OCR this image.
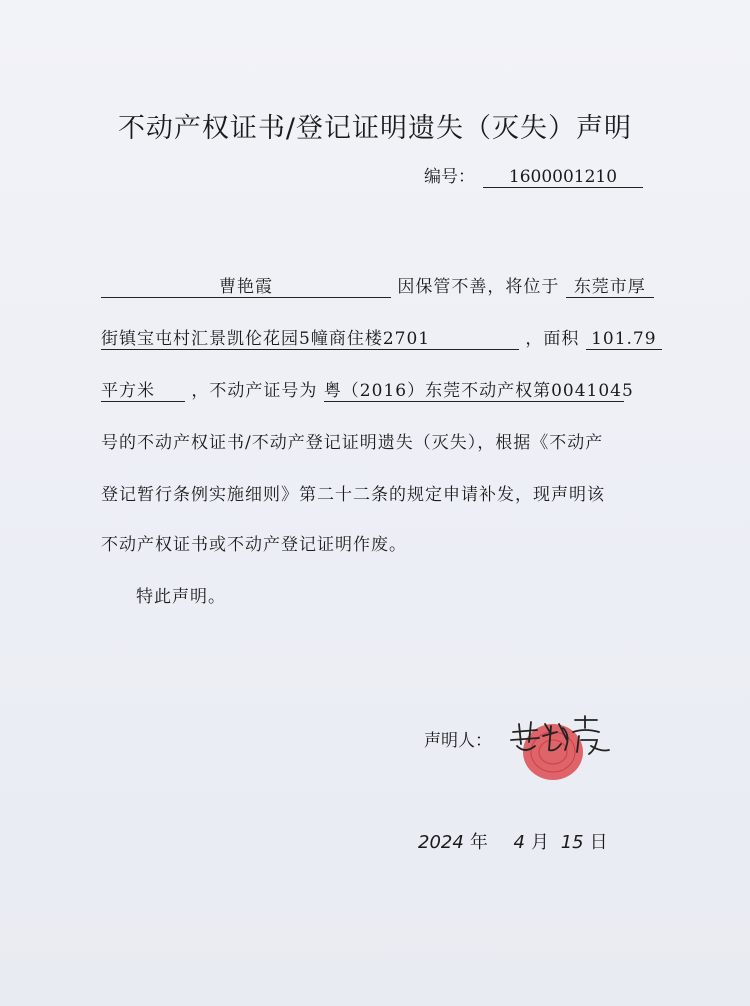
不动产权证书/登记证明遗失（灭失）声明
编号： 1600001210
曹艳霞	因保管不善，将位于 东莞市厚
街镇宝屯村汇景凯伦花园5幢商住楼2701	，面积 101.79
平方米 ，不动产证号为 粤（2016）东莞不动产权第0041045
号的不动产权证书/不动产登记证明遗失（灭失），根据《不动产
登记暂行条例实施细则》第二十二条的规定申请补发，现声明该
不动产权证书或不动产登记证明作废。
特此声明。
声明人：
2024 年 4 月 15 日
